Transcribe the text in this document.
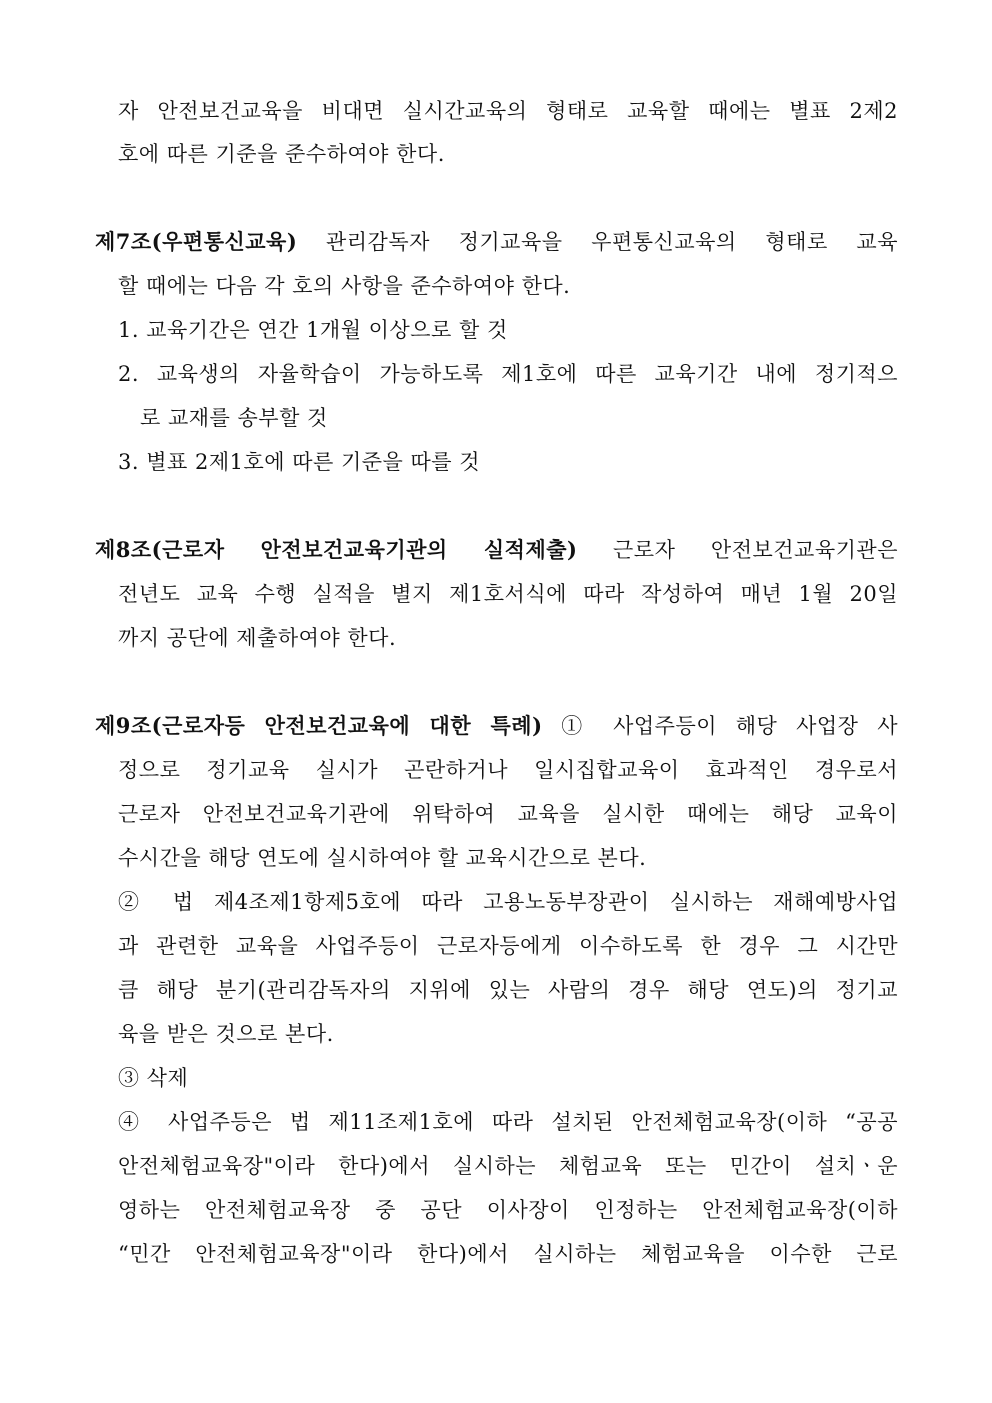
자 안전보건교육을 비대면 실시간교육의 형태로 교육할 때에는 별표 2제2
호에 따른 기준을 준수하여야 한다.
제7조(우편통신교육) 관리감독자 정기교육을 우편통신교육의 형태로 교육
할 때에는 다음 각 호의 사항을 준수하여야 한다.
1. 교육기간은 연간 1개월 이상으로 할 것
2. 교육생의 자율학습이 가능하도록 제1호에 따른 교육기간 내에 정기적으
로 교재를 송부할 것
3. 별표 2제1호에 따른 기준을 따를 것
제8조(근로자 안전보건교육기관의 실적제출) 근로자 안전보건교육기관은
전년도 교육 수행 실적을 별지 제1호서식에 따라 작성하여 매년 1월 20일
까지 공단에 제출하여야 한다.
제9조(근로자등 안전보건교육에 대한 특례) ① 사업주등이 해당 사업장 사
정으로 정기교육 실시가 곤란하거나 일시집합교육이 효과적인 경우로서
근로자 안전보건교육기관에 위탁하여 교육을 실시한 때에는 해당 교육이
수시간을 해당 연도에 실시하여야 할 교육시간으로 본다.
② 법 제4조제1항제5호에 따라 고용노동부장관이 실시하는 재해예방사업
과 관련한 교육을 사업주등이 근로자등에게 이수하도록 한 경우 그 시간만
큼 해당 분기(관리감독자의 지위에 있는 사람의 경우 해당 연도)의 정기교
육을 받은 것으로 본다.
③ 삭제
④ 사업주등은 법 제11조제1호에 따라 설치된 안전체험교육장(이하 “공공
안전체험교육장"이라 한다)에서 실시하는 체험교육 또는 민간이 설치ㆍ운
영하는 안전체험교육장 중 공단 이사장이 인정하는 안전체험교육장(이하
“민간 안전체험교육장"이라 한다)에서 실시하는 체험교육을 이수한 근로
